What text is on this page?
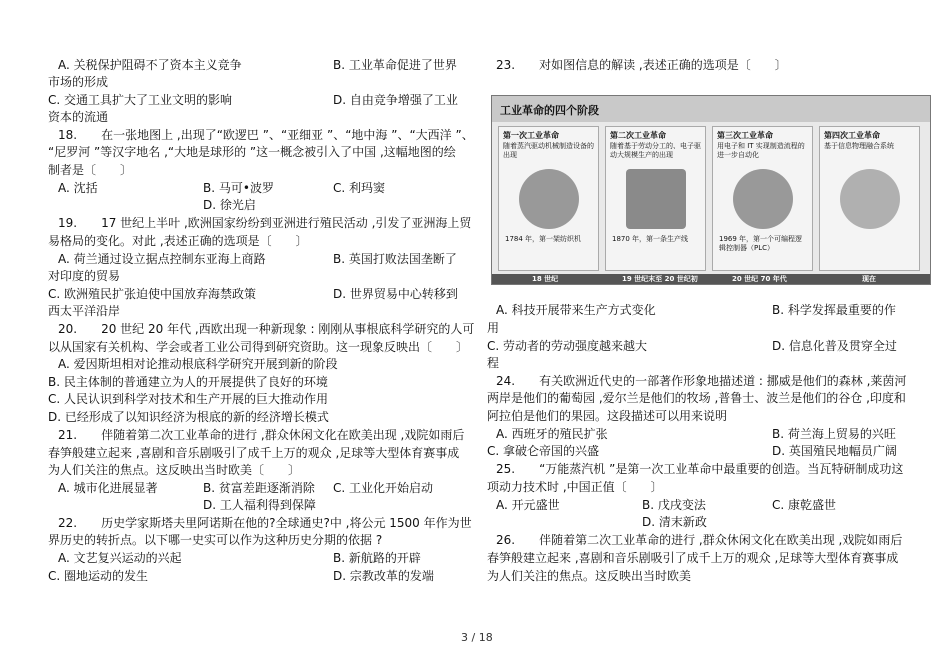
A. 关税保护阻碍不了资本主义竞争	B. 工业革命促进了世界
市场的形成
C. 交通工具扩大了工业文明的影响	D. 自由竞争增强了工业
资本的流通
18.　　在一张地图上 ,出现了“欧逻巴 ”、“亚细亚 ”、“地中海 ”、“大西洋 ”、
“尼罗河 ”等汉字地名 ,“大地是球形的 ”这一概念被引入了中国 ,这幅地图的绘
制者是〔　　〕
A. 沈括	B. 马可•波罗	C. 利玛窦
D. 徐光启
19.　　17 世纪上半叶 ,欧洲国家纷纷到亚洲进行殖民活动 ,引发了亚洲海上贸
易格局的变化。对此 ,表述正确的选项是〔　　〕
A. 荷兰通过设立据点控制东亚海上商路	B. 英国打败法国垄断了
对印度的贸易
C. 欧洲殖民扩张迫使中国放弃海禁政策	D. 世界贸易中心转移到
西太平洋沿岸
20.　　20 世纪 20 年代 ,西欧出现一种新现象 : 刚刚从事根底科学研究的人可
以从国家有关机构、学会或者工业公司得到研究资助。这一现象反映出〔　　〕
A. 爱因斯坦相对论推动根底科学研究开展到新的阶段
B. 民主体制的普通建立为人的开展提供了良好的环境
C. 人民认识到科学对技术和生产开展的巨大推动作用
D. 已经形成了以知识经济为根底的新的经济增长模式
21.　　伴随着第二次工业革命的进行 ,群众休闲文化在欧美出现 ,戏院如雨后
春笋般建立起来 ,喜剧和音乐剧吸引了成千上万的观众 ,足球等大型体育赛事成
为人们关注的焦点。这反映出当时欧美〔　　〕
A. 城市化进展显著	B. 贫富差距逐渐消除 C. 工业化开始启动
D. 工人福利得到保障
22.　　历史学家斯塔夫里阿诺斯在他的?全球通史?中 ,将公元 1500 年作为世
界历史的转折点。以下哪一史实可以作为这种历史分期的依据 ?
A. 文艺复兴运动的兴起	B. 新航路的开辟
C. 圈地运动的发生	D. 宗教改革的发端
23.　　对如图信息的解读 ,表述正确的选项是〔　　〕
工业革命的四个阶段
第一次工业革命
随着蒸汽驱动机械制造设备的出现
1784 年，第一架纺织机
第二次工业革命
随着基于劳动分工的、电子驱动大规模生产的出现
1870 年，第一条生产线
第三次工业革命
用电子和 IT 实现制造流程的进一步自动化
1969 年，第一个可编程逻辑控制器（PLC）
第四次工业革命
基于信息物理融合系统
18 世纪	19 世纪末至 20 世纪初	20 世纪 70 年代	现在
A. 科技开展带来生产方式变化	B. 科学发挥最重要的作
用
C. 劳动者的劳动强度越来越大	D. 信息化普及贯穿全过
程
24.　　有关欧洲近代史的一部著作形象地描述道 : 挪威是他们的森林 ,莱茵河
两岸是他们的葡萄园 ,爱尔兰是他们的牧场 ,普鲁士、波兰是他们的谷仓 ,印度和
阿拉伯是他们的果园。这段描述可以用来说明
A. 西班牙的殖民扩张	B. 荷兰海上贸易的兴旺
C. 拿破仑帝国的兴盛	D. 英国殖民地幅员广阔
25.　　“万能蒸汽机 ”是第一次工业革命中最重要的创造。当瓦特研制成功这
项动力技术时 ,中国正值〔　　〕
A. 开元盛世	B. 戊戌变法	C. 康乾盛世
D. 清末新政
26.　　伴随着第二次工业革命的进行 ,群众休闲文化在欧美出现 ,戏院如雨后
春笋般建立起来 ,喜剧和音乐剧吸引了成千上万的观众 ,足球等大型体育赛事成
为人们关注的焦点。这反映出当时欧美
3 / 18
